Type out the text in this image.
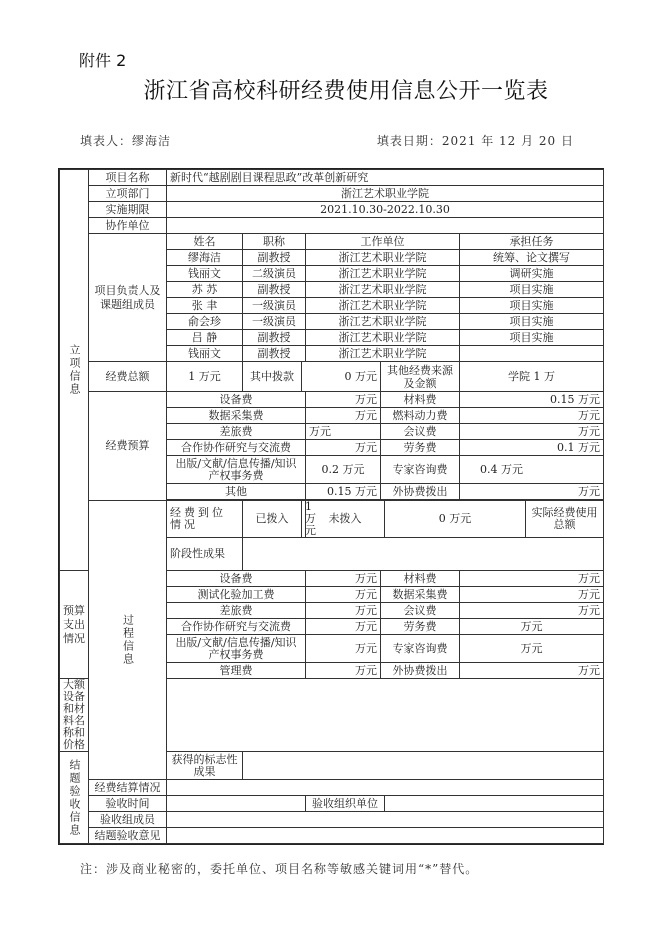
附件 2
浙江省高校科研经费使用信息公开一览表
填表人：缪海洁	填表日期：2021 年 12 月 20 日
立项信息	项目名称	新时代“越剧剧目课程思政”改革创新研究								
	立项部门	浙江艺术职业学院								
	实施期限	2021.10.30-2022.10.30								
	协作单位									
	项目负责人及课题组成员	姓名	职称		工作单位			承担任务		
		缪海洁	副教授		浙江艺术职业学院			统筹、论文撰写		
		钱丽文	二级演员		浙江艺术职业学院			调研实施		
		苏 苏	副教授		浙江艺术职业学院			项目实施		
		张 聿	一级演员		浙江艺术职业学院			项目实施		
		俞会珍	一级演员		浙江艺术职业学院			项目实施		
		吕 静	副教授		浙江艺术职业学院			项目实施		
		钱丽文	副教授		浙江艺术职业学院					
	经费总额	1 万元	其中拨款	0 万元		其他经费来源及金额		学院 1 万		
	经费预算	设备费			万元	材料费		0.15 万元		
		数据采集费			万元	燃料动力费		万元		
		差旅费			万元	会议费		万元		
		合作协作研究与交流费			万元	劳务费		0.1 万元		
		出版/文献/信息传播/知识产权事务费			0.2 万元	专家咨询费		0.4 万元		
		其他			0.15 万元	外协费拨出		万元		

	过程信息	经费到位情况	已拨入	1 万元	未拨入		0 万元		实际经费使用总额	
		阶段性成果								
预算支出情况		设备费			万元	材料费		万元		
		测试化验加工费			万元	数据采集费		万元		
		差旅费			万元	会议费		万元		
		合作协作研究与交流费			万元	劳务费		万元		
		出版/文献/信息传播/知识产权事务费			万元	专家咨询费		万元		
		管理费			万元	外协费拨出		万元		
大额设备和材料名称和价格										

结题验收信息		获得的标志性成果								
	经费结算情况									
	验收时间				验收组织单位					
	验收组成员									
	结题验收意见									
注：涉及商业秘密的，委托单位、项目名称等敏感关键词用“*”替代。
